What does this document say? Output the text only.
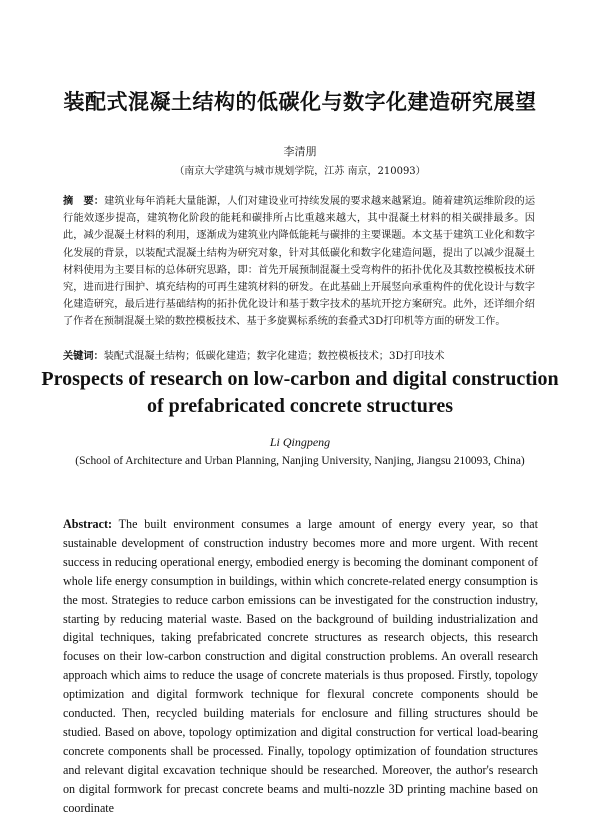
装配式混凝土结构的低碳化与数字化建造研究展望
李清朋
（南京大学建筑与城市规划学院，江苏 南京，210093）
摘　要：建筑业每年消耗大量能源，人们对建设业可持续发展的要求越来越紧迫。随着建筑运维阶段的运行能效逐步提高，建筑物化阶段的能耗和碳排所占比重越来越大，其中混凝土材料的相关碳排最多。因此，减少混凝土材料的利用，逐渐成为建筑业内降低能耗与碳排的主要课题。本文基于建筑工业化和数字化发展的背景，以装配式混凝土结构为研究对象，针对其低碳化和数字化建造问题，提出了以减少混凝土材料使用为主要目标的总体研究思路，即：首先开展预制混凝土受弯构件的拓扑优化及其数控模板技术研究，进而进行围护、填充结构的可再生建筑材料的研发。在此基础上开展竖向承重构件的优化设计与数字化建造研究，最后进行基础结构的拓扑优化设计和基于数字技术的基坑开挖方案研究。此外，还详细介绍了作者在预制混凝土梁的数控模板技术、基于多旋翼标系统的套叠式3D打印机等方面的研发工作。
关键词：装配式混凝土结构；低碳化建造；数字化建造；数控模板技术；3D打印技术
Prospects of research on low-carbon and digital construction
of prefabricated concrete structures
Li Qingpeng
(School of Architecture and Urban Planning, Nanjing University, Nanjing, Jiangsu 210093, China)
Abstract: The built environment consumes a large amount of energy every year, so that sustainable development of construction industry becomes more and more urgent. With recent success in reducing operational energy, embodied energy is becoming the dominant component of whole life energy consumption in buildings, within which concrete-related energy consumption is the most. Strategies to reduce carbon emissions can be investigated for the construction industry, starting by reducing material waste. Based on the background of building industrialization and digital techniques, taking prefabricated concrete structures as research objects, this research focuses on their low-carbon construction and digital construction problems. An overall research approach which aims to reduce the usage of concrete materials is thus proposed. Firstly, topology optimization and digital formwork technique for flexural concrete components should be conducted. Then, recycled building materials for enclosure and filling structures should be studied. Based on above, topology optimization and digital construction for vertical load-bearing concrete components shall be processed. Finally, topology optimization of foundation structures and relevant digital excavation technique should be researched. Moreover, the author's research on digital formwork for precast concrete beams and multi-nozzle 3D printing machine based on coordinate
